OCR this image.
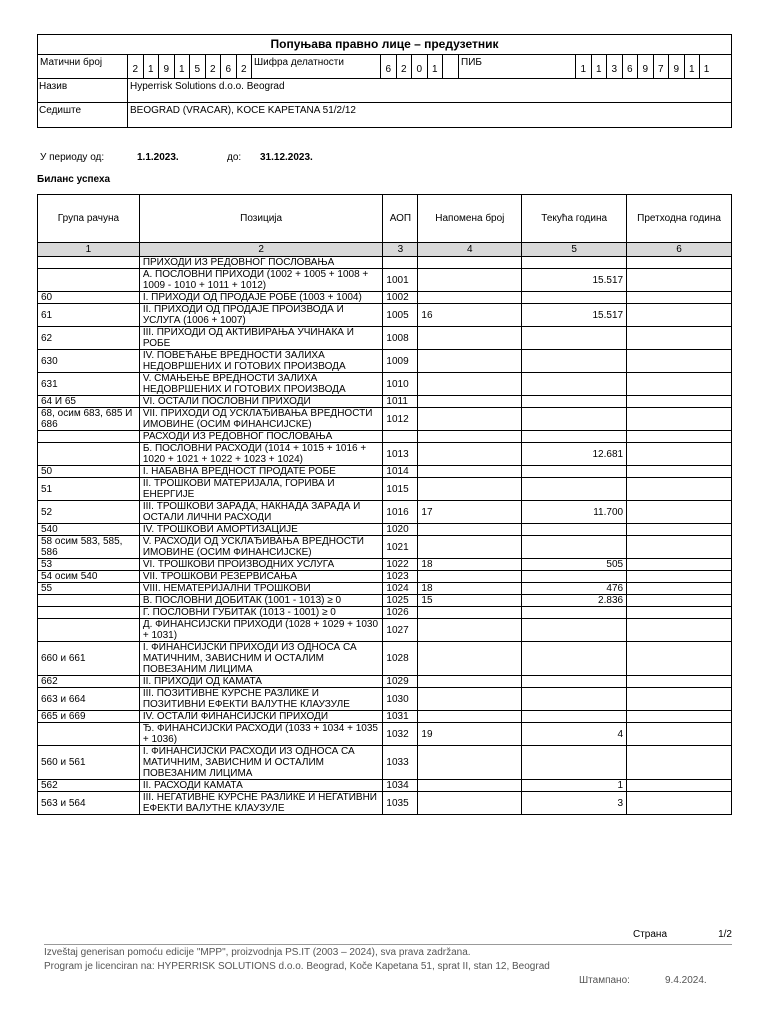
Попуњава правно лице – предузетник
Матични број
2 1 9 1 5 2 6 2
Шифра делатности
6 2 0 1
ПИБ
1 1 3 6 9 7 9 1 1
Назив	Hyperrisk Solutions d.o.o. Beograd
Седиште	BEOGRAD (VRACAR), KOCE KAPETANA 51/2/12
У периоду од:	1.1.2023.	до:	31.12.2023.
Биланс успеха
Група рачуна	Позиција	АОП	Напомена број	Текућа година	Претходна година
1	2	3	4	5	6
	ПРИХОДИ ИЗ РЕДОВНОГ ПОСЛОВАЊА				
	А. ПОСЛОВНИ ПРИХОДИ (1002 + 1005 + 1008 + 1009 - 1010 + 1011 + 1012)	1001		15.517	
60	I. ПРИХОДИ ОД ПРОДАЈЕ РОБЕ (1003 + 1004)	1002			
61	II. ПРИХОДИ ОД ПРОДАЈЕ ПРОИЗВОДА И УСЛУГА (1006 + 1007)	1005	16	15.517	
62	III. ПРИХОДИ ОД АКТИВИРАЊА УЧИНАКА И РОБЕ	1008			
630	IV. ПОВЕЋАЊЕ ВРЕДНОСТИ ЗАЛИХА НЕДОВРШЕНИХ И ГОТОВИХ ПРОИЗВОДА	1009			
631	V. СМАЊЕЊЕ ВРЕДНОСТИ ЗАЛИХА НЕДОВРШЕНИХ И ГОТОВИХ ПРОИЗВОДА	1010			
64 И 65	VI. ОСТАЛИ ПОСЛОВНИ ПРИХОДИ	1011			
68, осим 683, 685 И 686	VII. ПРИХОДИ ОД УСКЛАЂИВАЊА ВРЕДНОСТИ ИМОВИНЕ (ОСИМ ФИНАНСИЈСКЕ)	1012			
	РАСХОДИ ИЗ РЕДОВНОГ ПОСЛОВАЊА				
	Б. ПОСЛОВНИ РАСХОДИ (1014 + 1015 + 1016 + 1020 + 1021 + 1022 + 1023 + 1024)	1013		12.681	
50	I. НАБАВНА ВРЕДНОСТ ПРОДАТЕ РОБЕ	1014			
51	II. ТРОШКОВИ МАТЕРИЈАЛА, ГОРИВА И ЕНЕРГИЈЕ	1015			
52	III. ТРОШКОВИ ЗАРАДА, НАКНАДА ЗАРАДА И ОСТАЛИ ЛИЧНИ РАСХОДИ	1016	17	11.700	
540	IV. ТРОШКОВИ АМОРТИЗАЦИЈЕ	1020			
58 осим 583, 585, 586	V. РАСХОДИ ОД УСКЛАЂИВАЊА ВРЕДНОСТИ ИМОВИНЕ (ОСИМ ФИНАНСИЈСКЕ)	1021			
53	VI. ТРОШКОВИ ПРОИЗВОДНИХ УСЛУГА	1022	18	505	
54 осим 540	VII. ТРОШКОВИ РЕЗЕРВИСАЊА	1023			
55	VIII. НЕМАТЕРИЈАЛНИ ТРОШКОВИ	1024	18	476	
	В. ПОСЛОВНИ ДОБИТАК (1001 - 1013) ≥ 0	1025	15	2.836	
	Г. ПОСЛОВНИ ГУБИТАК (1013 - 1001) ≥ 0	1026			
	Д. ФИНАНСИЈСКИ ПРИХОДИ (1028 + 1029 + 1030 + 1031)	1027			
660 и 661	I. ФИНАНСИЈСКИ ПРИХОДИ ИЗ ОДНОСА СА МАТИЧНИМ, ЗАВИСНИМ И ОСТАЛИМ ПОВЕЗАНИМ ЛИЦИМА	1028			
662	II. ПРИХОДИ ОД КАМАТА	1029			
663 и 664	III. ПОЗИТИВНЕ КУРСНЕ РАЗЛИКЕ И ПОЗИТИВНИ ЕФЕКТИ ВАЛУТНЕ КЛАУЗУЛЕ	1030			
665 и 669	IV. ОСТАЛИ ФИНАНСИЈСКИ ПРИХОДИ	1031			
	Ђ. ФИНАНСИЈСКИ РАСХОДИ (1033 + 1034 + 1035 + 1036)	1032	19	4	
560 и 561	I. ФИНАНСИЈСКИ РАСХОДИ ИЗ ОДНОСА СА МАТИЧНИМ, ЗАВИСНИМ И ОСТАЛИМ ПОВЕЗАНИМ ЛИЦИМА	1033			
562	II. РАСХОДИ КАМАТА	1034		1	
563 и 564	III. НЕГАТИВНЕ КУРСНЕ РАЗЛИКЕ И НЕГАТИВНИ ЕФЕКТИ ВАЛУТНЕ КЛАУЗУЛЕ	1035		3	
Страна	1/2
Izveštaj generisan pomoću edicije "MPP", proizvodnja PS.IT (2003 – 2024), sva prava zadržana.
Program je licenciran na: HYPERRISK SOLUTIONS d.o.o. Beograd, Koče Kapetana 51, sprat II, stan 12, Beograd
Штампано:	9.4.2024.
